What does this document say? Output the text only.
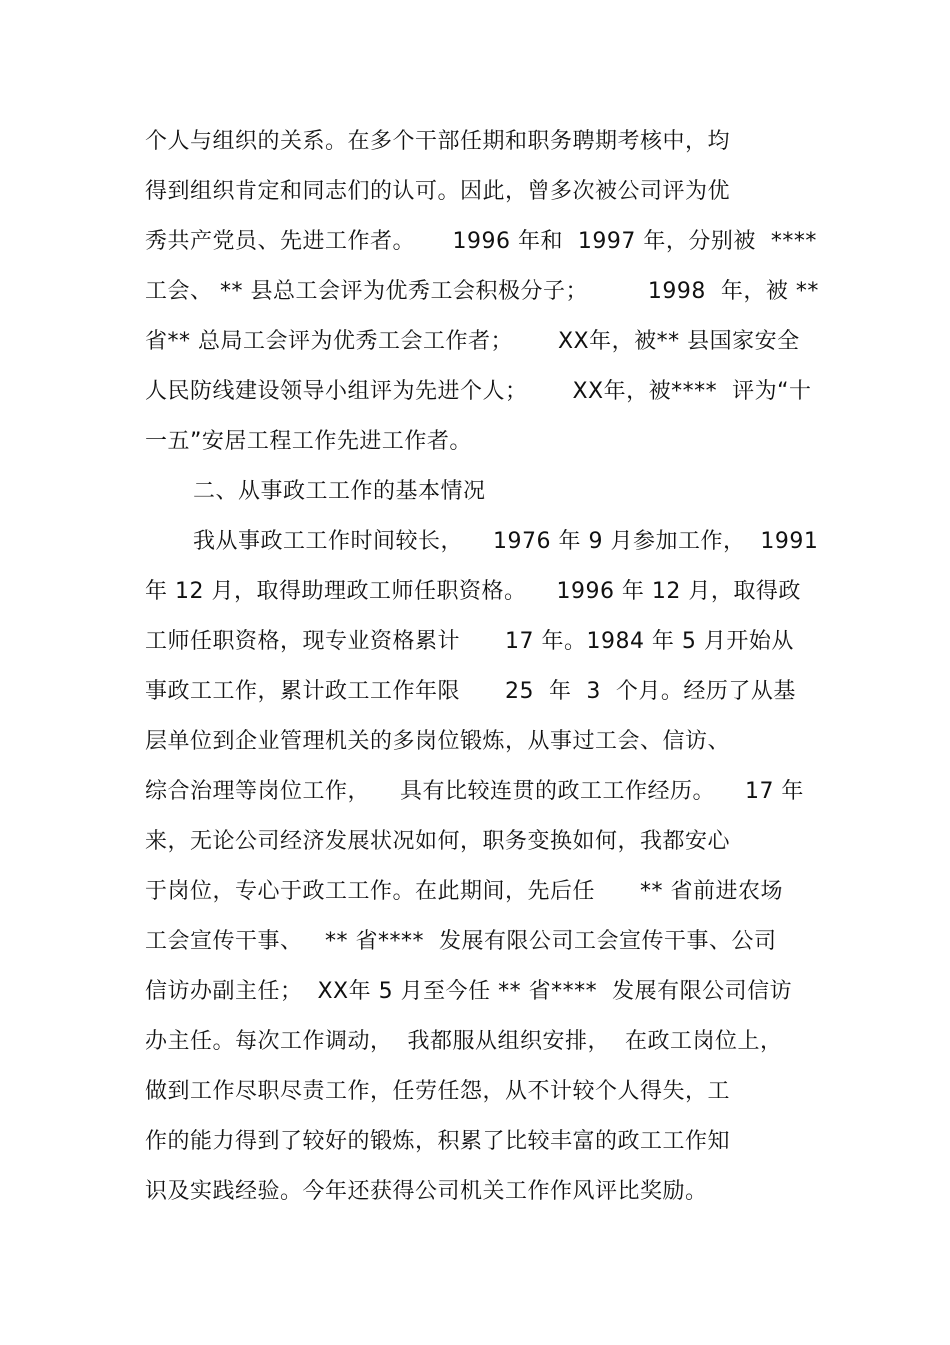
个人与组织的关系。在多个干部任期和职务聘期考核中，均
得到组织肯定和同志们的认可。因此，曾多次被公司评为优
秀共产党员、先进工作者。     1996 年和  1997 年，分别被  ****
工会、 ** 县总工会评为优秀工会积极分子；        1998  年，被 **
省** 总局工会评为优秀工会工作者；      XX年，被** 县国家安全
人民防线建设领导小组评为先进个人；      XX年，被****  评为“十
一五”安居工程工作先进工作者。
二、从事政工工作的基本情况
我从事政工工作时间较长，    1976 年 9 月参加工作，  1991
年 12 月，取得助理政工师任职资格。    1996 年 12 月，取得政
工师任职资格，现专业资格累计      17 年。1984 年 5 月开始从
事政工工作，累计政工工作年限      25  年  3  个月。经历了从基
层单位到企业管理机关的多岗位锻炼，从事过工会、信访、
综合治理等岗位工作，    具有比较连贯的政工工作经历。    17 年
来，无论公司经济发展状况如何，职务变换如何，我都安心
于岗位，专心于政工工作。在此期间，先后任      ** 省前进农场
工会宣传干事、   ** 省****  发展有限公司工会宣传干事、公司
信访办副主任；  XX年 5 月至今任 ** 省****  发展有限公司信访
办主任。每次工作调动，  我都服从组织安排，  在政工岗位上，
做到工作尽职尽责工作，任劳任怨，从不计较个人得失，工
作的能力得到了较好的锻炼，积累了比较丰富的政工工作知
识及实践经验。今年还获得公司机关工作作风评比奖励。
